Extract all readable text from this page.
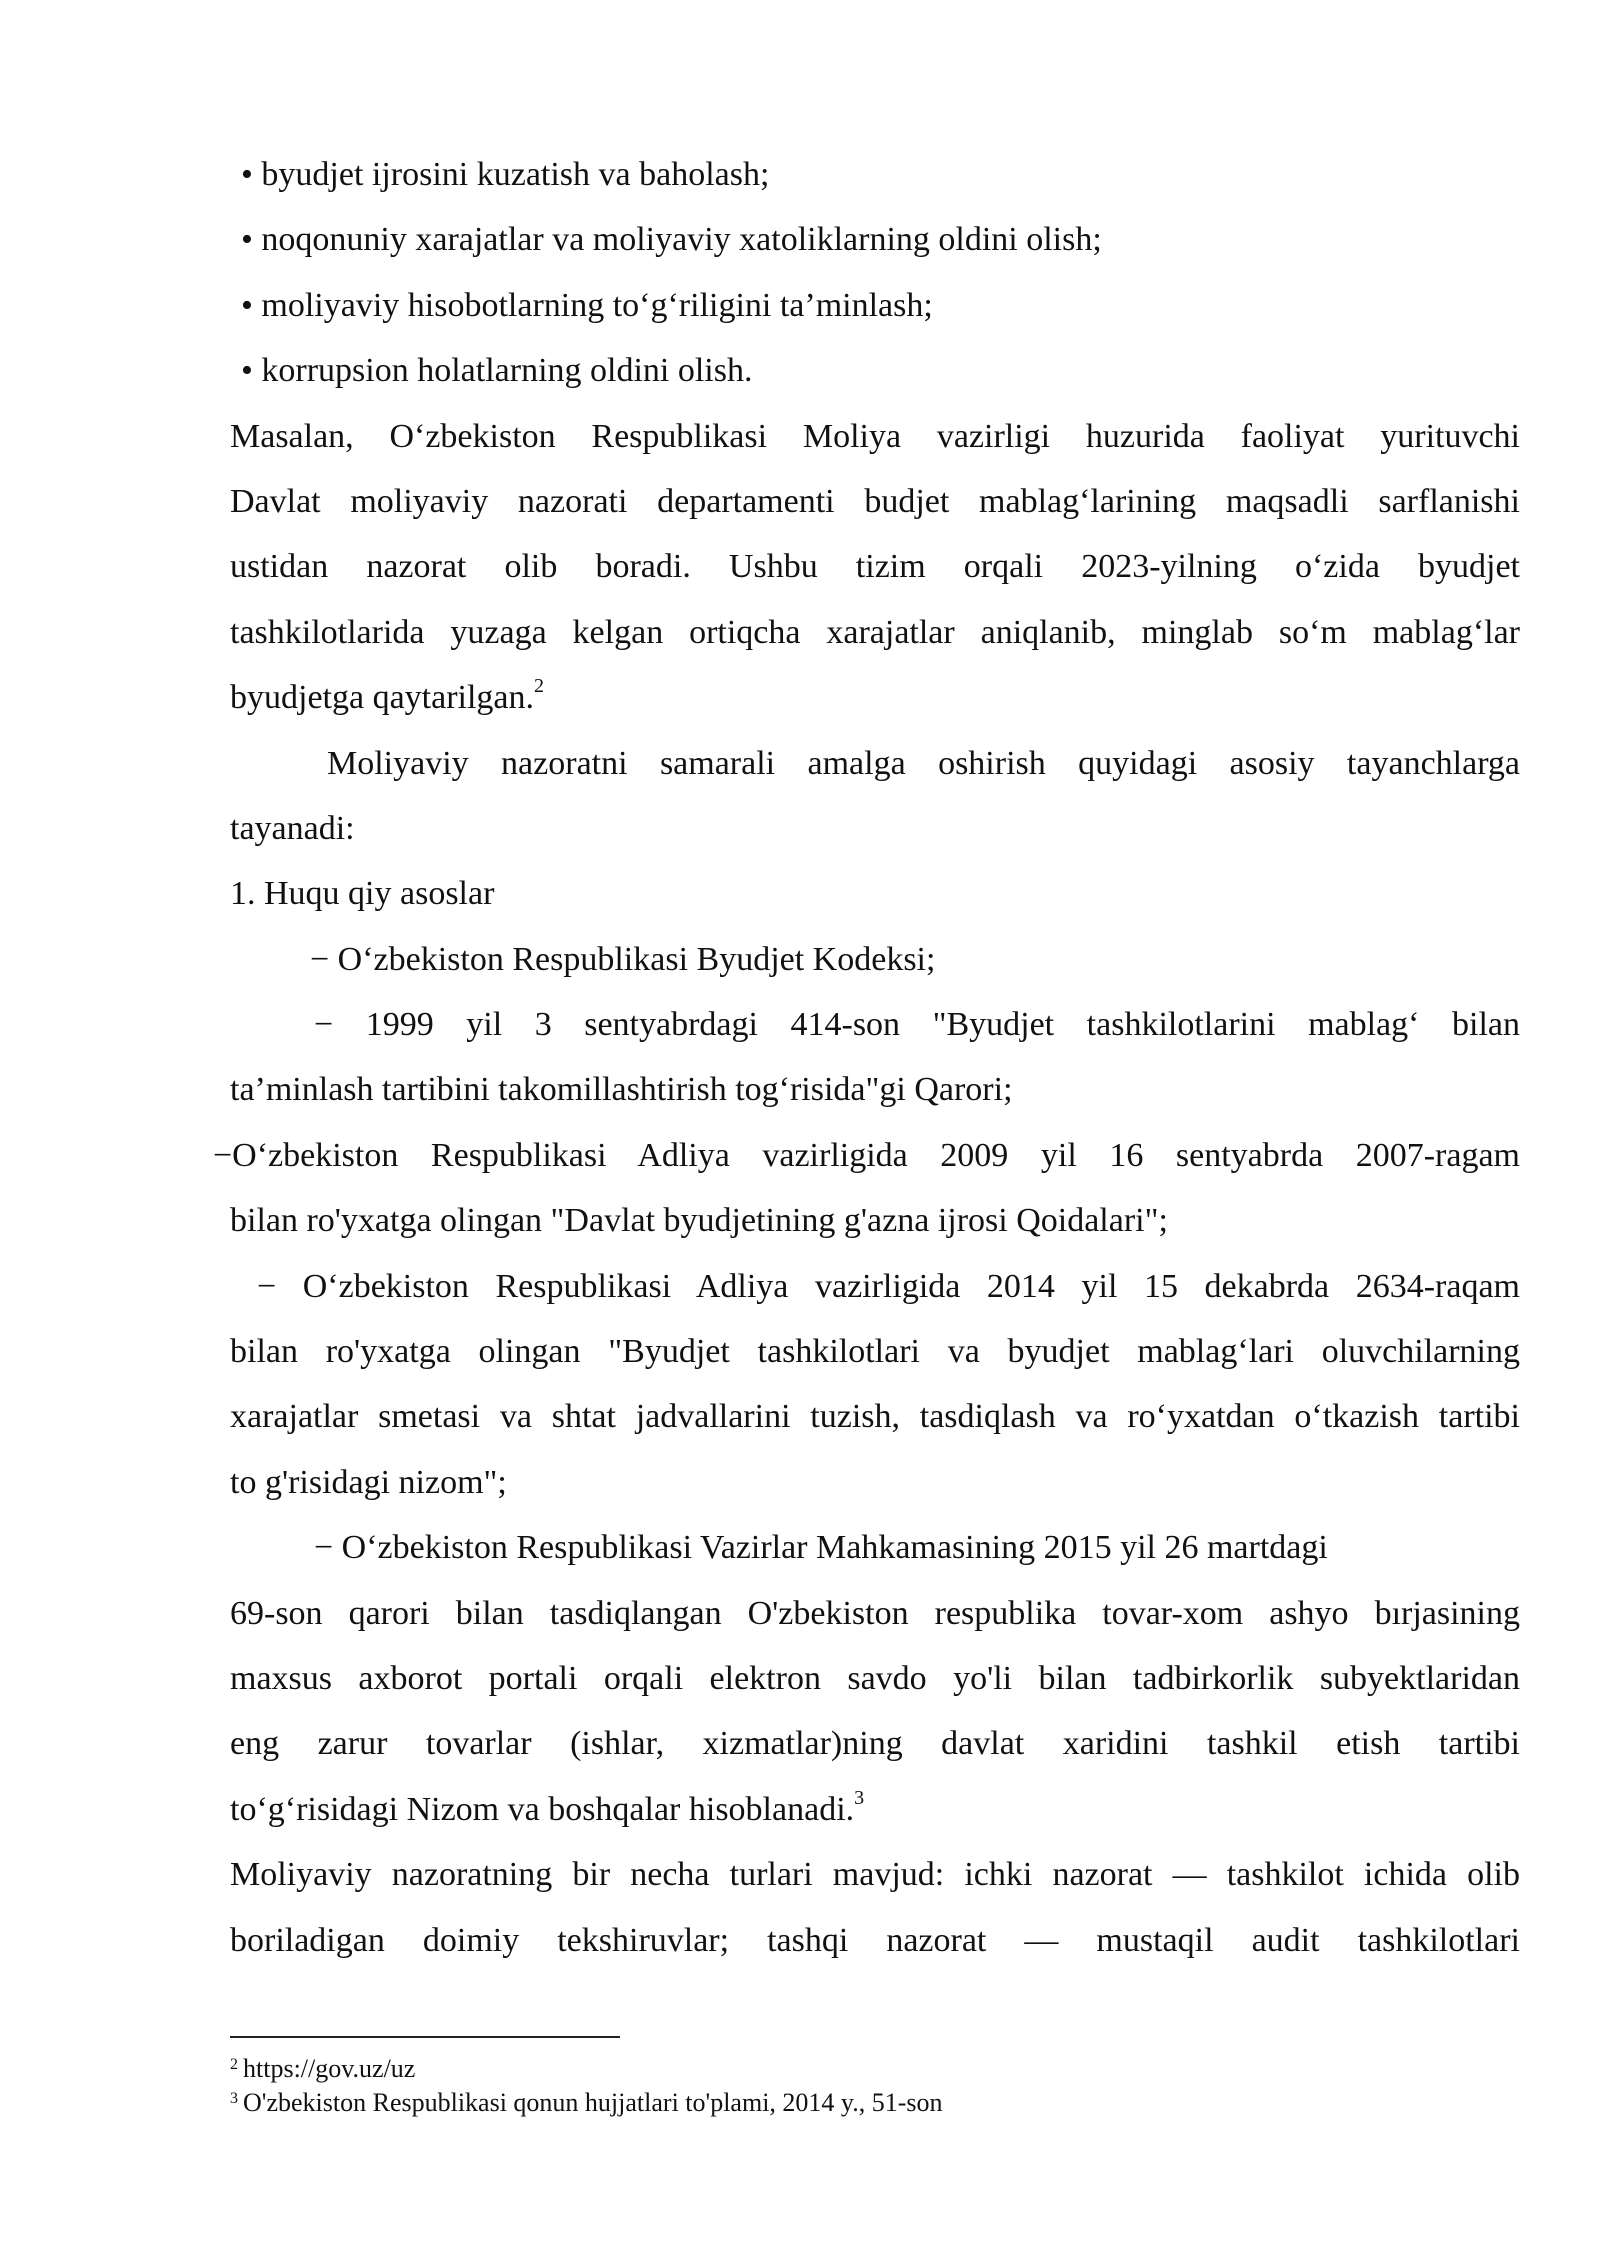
• byudjet ijrosini kuzatish va baholash;
• noqonuniy xarajatlar va moliyaviy xatoliklarning oldini olish;
• moliyaviy hisobotlarning to‘g‘riligini ta’minlash;
• korrupsion holatlarning oldini olish.
Masalan, O‘zbekiston Respublikasi Moliya vazirligi huzurida faoliyat yurituvchi
Davlat moliyaviy nazorati departamenti budjet mablag‘larining maqsadli sarflanishi
ustidan nazorat olib boradi. Ushbu tizim orqali 2023-yilning o‘zida byudjet
tashkilotlarida yuzaga kelgan ortiqcha xarajatlar aniqlanib, minglab so‘m mablag‘lar
byudjetga qaytarilgan.$^2$
Moliyaviy nazoratni samarali amalga oshirish quyidagi asosiy tayanchlarga
tayanadi:
1. Huqu qiy asoslar
− O‘zbekiston Respublikasi Byudjet Kodeksi;
− 1999 yil 3 sentyabrdagi 414-son "Byudjet tashkilotlarini mablag‘ bilan
ta’minlash tartibini takomillashtirish tog‘risida"gi Qarori;
−O‘zbekiston Respublikasi Adliya vazirligida 2009 yil 16 sentyabrda 2007-ragam
bilan ro'yxatga olingan "Davlat byudjetining g'azna ijrosi Qoidalari";
− O‘zbekiston Respublikasi Adliya vazirligida 2014 yil 15 dekabrda 2634-raqam
bilan ro'yxatga olingan "Byudjet tashkilotlari va byudjet mablag‘lari oluvchilarning
xarajatlar smetasi va shtat jadvallarini tuzish, tasdiqlash va ro‘yxatdan o‘tkazish tartibi
to g'risidagi nizom";
− O‘zbekiston Respublikasi Vazirlar Mahkamasining 2015 yil 26 martdagi
69-son qarori bilan tasdiqlangan O'zbekiston respublika tovar-xom ashyo bırjasining
maxsus axborot portali orqali elektron savdo yo'li bilan tadbirkorlik subyektlaridan
eng zarur tovarlar (ishlar, xizmatlar)ning davlat xaridini tashkil etish tartibi
to‘g‘risidagi Nizom va boshqalar hisoblanadi.$^3$
Moliyaviy nazoratning bir necha turlari mavjud: ichki nazorat — tashkilot ichida olib
boriladigan doimiy tekshiruvlar; tashqi nazorat — mustaqil audit tashkilotlari
$^2$ https://gov.uz/uz
$^3$ O'zbekiston Respublikasi qonun hujjatlari to'plami, 2014 y., 51-son
